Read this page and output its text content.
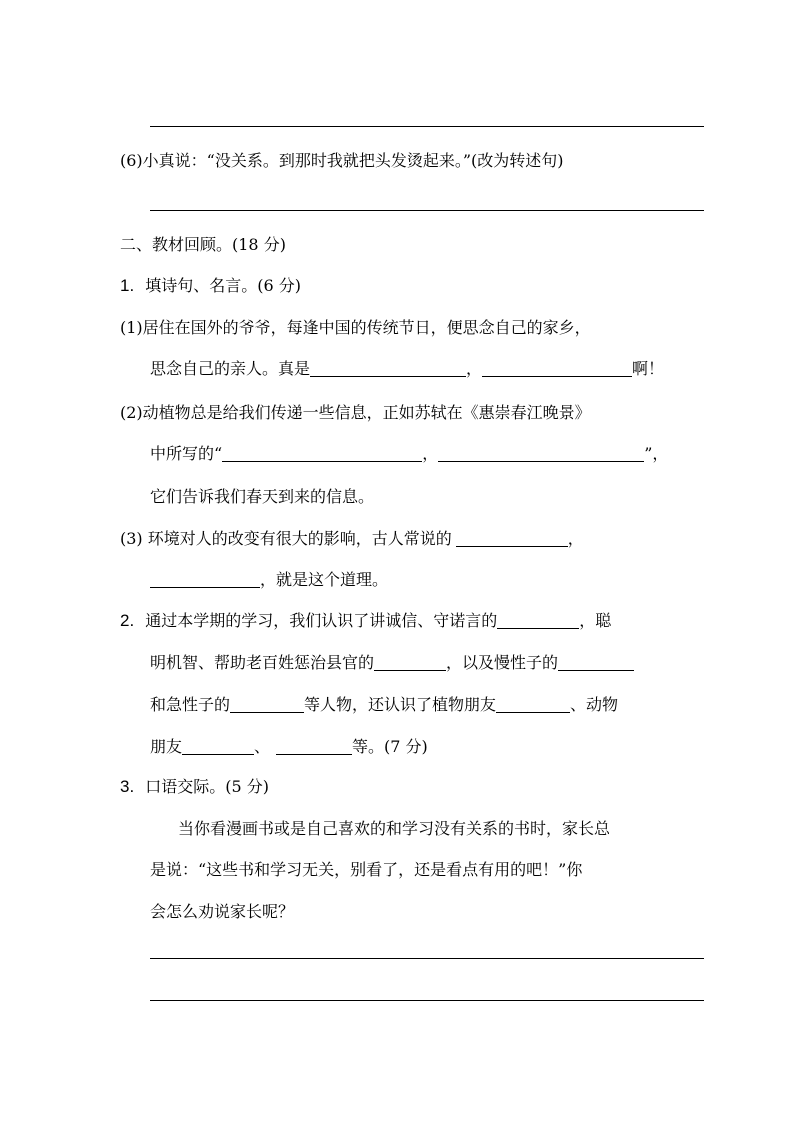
(6)小真说：“没关系。到那时我就把头发烫起来。”(改为转述句)
二、教材回顾。(18 分)
1. 填诗句、名言。(6 分)
(1)居住在国外的爷爷，每逢中国的传统节日，便思念自己的家乡，
思念自己的亲人。真是	，	啊！
(2)动植物总是给我们传递一些信息，正如苏轼在《惠崇春江晚景》
中所写的“	，	”，
它们告诉我们春天到来的信息。
(3) 环境对人的改变有很大的影响，古人常说的	，
，就是这个道理。
2. 通过本学期的学习，我们认识了讲诚信、守诺言的	，聪
明机智、帮助老百姓惩治县官的	，以及慢性子的
和急性子的	等人物，还认识了植物朋友	、动物
朋友	、	等。(7 分)
3. 口语交际。(5 分)
当你看漫画书或是自己喜欢的和学习没有关系的书时，家长总
是说：“这些书和学习无关，别看了，还是看点有用的吧！”你
会怎么劝说家长呢？
